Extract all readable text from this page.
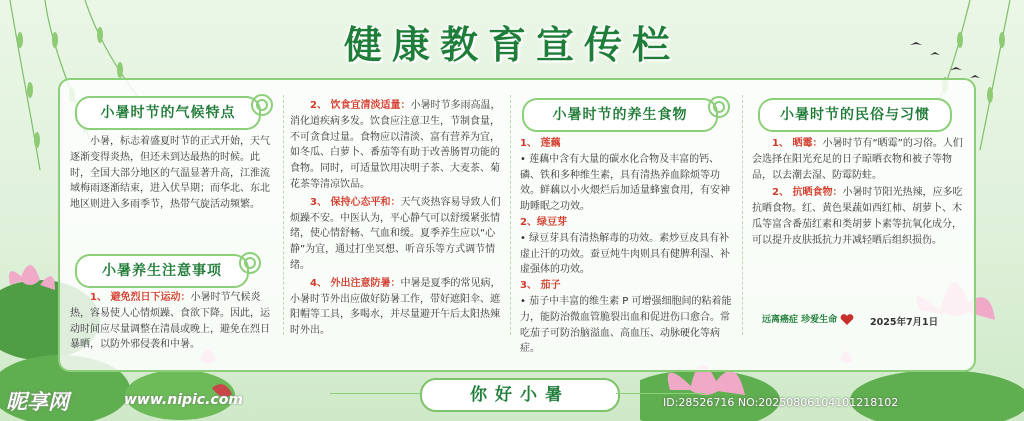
健康教育宣传栏
小暑时节的气候特点

小暑，标志着盛夏时节的正式开始，天气逐渐变得炎热，但还未到达最热的时候。此时，全国大部分地区的气温显著升高，江淮流域梅雨逐渐结束，进入伏旱期；而华北、东北地区则进入多雨季节，热带气旋活动频繁。

小暑养生注意事项

1、 避免烈日下运动：小暑时节气候炎热，容易使人心情烦躁、食欲下降。因此，运动时间应尽量调整在清晨或晚上，避免在烈日暴晒，以防外邪侵袭和中暑。

2、 饮食宜清淡适量：小暑时节多雨高温，消化道疾病多发。饮食应注意卫生，节制食量，不可贪食过量。食物应以清淡、富有营养为宜，如冬瓜、白萝卜、番茄等有助于改善肠胃功能的食物。同时，可适量饮用决明子茶、大麦茶、菊花茶等清凉饮品。

3、 保持心态平和：天气炎热容易导致人们烦躁不安。中医认为，平心静气可以舒缓紧张情绪，使心情舒畅、气血和缓。夏季养生应以“心静”为宜，通过打坐冥想、听音乐等方式调节情绪。

4、 外出注意防暑：中暑是夏季的常见病，小暑时节外出应做好防暑工作，带好遮阳伞、遮阳帽等工具，多喝水，并尽量避开午后太阳热辣时外出。

小暑时节的养生食物
1、 莲藕
• 莲藕中含有大量的碳水化合物及丰富的钙、磷、铁和多种维生素，具有清热养血除烦等功效。鲜藕以小火煨烂后加适量蜂蜜食用，有安神助睡眠之功效。
2、绿豆芽
• 绿豆芽具有清热解毒的功效。素炒豆皮具有补虚止汗的功效。蚕豆炖牛肉则具有健脾利湿、补虚强体的功效。
3、 茄子
• 茄子中丰富的维生素 P 可增强细胞间的粘着能力，能防治微血管脆裂出血和促进伤口愈合。常吃茄子可防治脑溢血、高血压、动脉硬化等病症。
小暑时节的民俗与习惯

1、 晒霉：小暑时节有“晒霉”的习俗。人们会选择在阳光充足的日子晾晒衣物和被子等物品，以去潮去湿、防霉防蛀。

2、 抗晒食物：小暑时节阳光热辣，应多吃抗晒食物。红、黄色果蔬如西红柿、胡萝卜、木瓜等富含番茄红素和类胡萝卜素等抗氧化成分，可以提升皮肤抵抗力并减轻晒后组织损伤。

远离癌症 珍爱生命	2025年7月1日
你好小暑
昵享网	www.nipic.com	ID:28526716 NO:20250806104101218102
